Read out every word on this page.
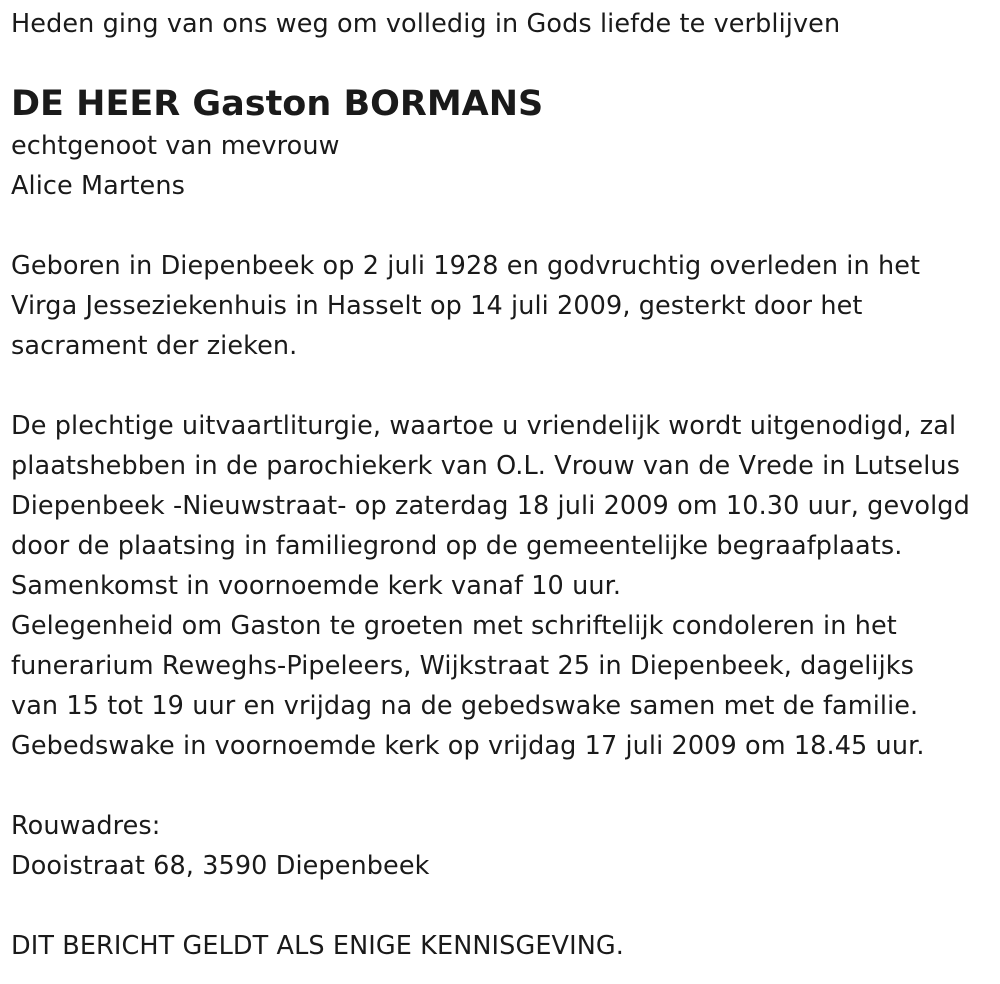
Heden ging van ons weg om volledig in Gods liefde te verblijven
DE HEER Gaston BORMANS
echtgenoot van mevrouw
Alice Martens
Geboren in Diepenbeek op 2 juli 1928 en godvruchtig overleden in het
Virga Jesseziekenhuis in Hasselt op 14 juli 2009, gesterkt door het
sacrament der zieken.
De plechtige uitvaartliturgie, waartoe u vriendelijk wordt uitgenodigd, zal
plaatshebben in de parochiekerk van O.L. Vrouw van de Vrede in Lutselus
Diepenbeek -Nieuwstraat- op zaterdag 18 juli 2009 om 10.30 uur, gevolgd
door de plaatsing in familiegrond op de gemeentelijke begraafplaats.
Samenkomst in voornoemde kerk vanaf 10 uur.
Gelegenheid om Gaston te groeten met schriftelijk condoleren in het
funerarium Reweghs-Pipeleers, Wijkstraat 25 in Diepenbeek, dagelijks
van 15 tot 19 uur en vrijdag na de gebedswake samen met de familie.
Gebedswake in voornoemde kerk op vrijdag 17 juli 2009 om 18.45 uur.
Rouwadres:
Dooistraat 68, 3590 Diepenbeek
DIT BERICHT GELDT ALS ENIGE KENNISGEVING.
